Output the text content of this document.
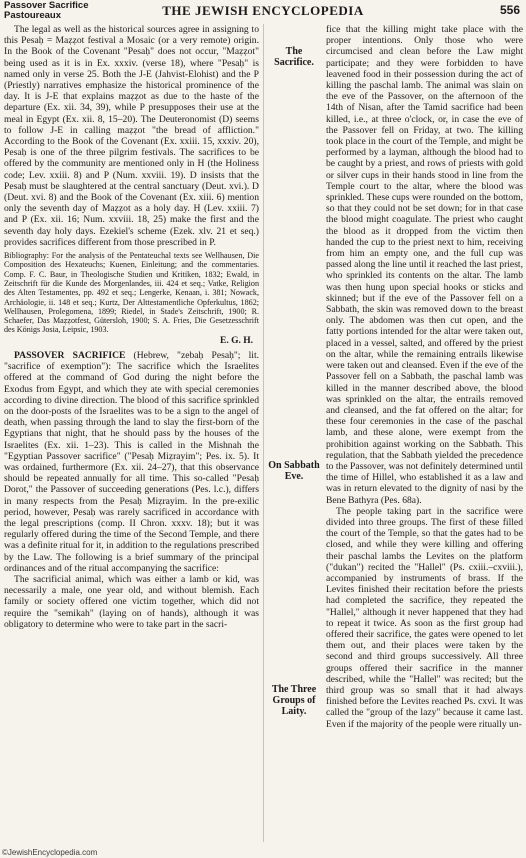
Passover Sacrifice
Pastoureaux	THE JEWISH ENCYCLOPEDIA	556

The legal as well as the historical sources agree in assigning to this Pesaḥ = Maẓẓot festival a Mosaic (or a very remote) origin. In the Book of the Covenant "Pesaḥ" does not occur, "Maẓẓot" being used as it is in Ex. xxxiv. (verse 18), where "Pesaḥ" is named only in verse 25. Both the J-E (Jahvist-Elohist) and the P (Priestly) narratives emphasize the historical prominence of the day. It is J-E that explains maẓẓot as due to the haste of the departure (Ex. xii. 34, 39), while P presupposes their use at the meal in Egypt (Ex. xii. 8, 15–20). The Deuteronomist (D) seems to follow J-E in calling maẓẓot "the bread of affliction." According to the Book of the Covenant (Ex. xxiii. 15, xxxiv. 20), Pesaḥ is one of the three pilgrim festivals. The sacrifices to be offered by the community are mentioned only in H (the Holiness code; Lev. xxiii. 8) and P (Num. xxviii. 19). D insists that the Pesaḥ must be slaughtered at the central sanctuary (Deut. xvi.). D (Deut. xvi. 8) and the Book of the Covenant (Ex. xiii. 6) mention only the seventh day of Maẓẓot as a holy day. H (Lev. xxiii. 7) and P (Ex. xii. 16; Num. xxviii. 18, 25) make the first and the seventh day holy days. Ezekiel's scheme (Ezek. xlv. 21 et seq.) provides sacrifices different from those prescribed in P.

Bibliography: For the analysis of the Pentateuchal texts see Wellhausen, Die Composition des Hexateuchs; Kuenen, Einleitung; and the commentaries. Comp. F. C. Baur, in Theologische Studien und Kritiken, 1832; Ewald, in Zeitschrift für die Kunde des Morgenlandes, iii. 424 et seq.; Vatke, Religion des Alten Testamentes, pp. 492 et seq.; Lengerke, Kenaan, i. 381; Nowack, Archäologie, ii. 148 et seq.; Kurtz, Der Alttestamentliche Opferkultus, 1862; Wellhausen, Prolegomena, 1899; Riedel, in Stade's Zeitschrift, 1900; R. Schaefer, Das Maẓẓotfest, Gütersloh, 1900; S. A. Fries, Die Gesetzesschrift des Königs Josia, Leipsic, 1903.

E. G. H.

PASSOVER SACRIFICE (Hebrew, "zebaḥ Pesaḥ"; lit. "sacrifice of exemption"): The sacrifice which the Israelites offered at the command of God during the night before the Exodus from Egypt, and which they ate with special ceremonies according to divine direction. The blood of this sacrifice sprinkled on the door-posts of the Israelites was to be a sign to the angel of death, when passing through the land to slay the first-born of the Egyptians that night, that he should pass by the houses of the Israelites (Ex. xii. 1–23). This is called in the Mishnah the "Egyptian Passover sacrifice" ("Pesaḥ Miẓrayim"; Pes. ix. 5). It was ordained, furthermore (Ex. xii. 24–27), that this observance should be repeated annually for all time. This so-called "Pesaḥ Dorot," the Passover of succeeding generations (Pes. l.c.), differs in many respects from the Pesaḥ Miẓrayim. In the pre-exilic period, however, Pesaḥ was rarely sacrificed in accordance with the legal prescriptions (comp. II Chron. xxxv. 18); but it was regularly offered during the time of the Second Temple, and there was a definite ritual for it, in addition to the regulations prescribed by the Law. The following is a brief summary of the principal ordinances and of the ritual accompanying the sacrifice:

The sacrificial animal, which was either a lamb or kid, was necessarily a male, one year old, and without blemish. Each family or society offered one victim together, which did not require the "semikah" (laying on of hands), although it was obligatory to determine who were to take part in the sacri-

The Sacrifice.
On Sabbath Eve.
The Three Groups of Laity.

fice that the killing might take place with the proper intentions. Only those who were circumcised and clean before the Law might participate; and they were forbidden to have leavened food in their possession during the act of killing the paschal lamb. The animal was slain on the eve of the Passover, on the afternoon of the 14th of Nisan, after the Tamid sacrifice had been killed, i.e., at three o'clock, or, in case the eve of the Passover fell on Friday, at two. The killing took place in the court of the Temple, and might be performed by a layman, although the blood had to be caught by a priest, and rows of priests with gold or silver cups in their hands stood in line from the Temple court to the altar, where the blood was sprinkled. These cups were rounded on the bottom, so that they could not be set down; for in that case the blood might coagulate. The priest who caught the blood as it dropped from the victim then handed the cup to the priest next to him, receiving from him an empty one, and the full cup was passed along the line until it reached the last priest, who sprinkled its contents on the altar. The lamb was then hung upon special hooks or sticks and skinned; but if the eve of the Passover fell on a Sabbath, the skin was removed down to the breast only. The abdomen was then cut open, and the fatty portions intended for the altar were taken out, placed in a vessel, salted, and offered by the priest on the altar, while the remaining entrails likewise were taken out and cleansed. Even if the eve of the Passover fell on a Sabbath, the paschal lamb was killed in the manner described above, the blood was sprinkled on the altar, the entrails removed and cleansed, and the fat offered on the altar; for these four ceremonies in the case of the paschal lamb, and these alone, were exempt from the prohibition against working on the Sabbath. This regulation, that the Sabbath yielded the precedence to the Passover, was not definitely determined until the time of Hillel, who established it as a law and was in return elevated to the dignity of nasi by the Bene Bathyra (Pes. 68a).

The people taking part in the sacrifice were divided into three groups. The first of these filled the court of the Temple, so that the gates had to be closed, and while they were killing and offering their paschal lambs the Levites on the platform ("dukan") recited the "Hallel" (Ps. cxiii.–cxviii.), accompanied by instruments of brass. If the Levites finished their recitation before the priests had completed the sacrifice, they repeated the "Hallel," although it never happened that they had to repeat it twice. As soon as the first group had offered their sacrifice, the gates were opened to let them out, and their places were taken by the second and third groups successively. All three groups offered their sacrifice in the manner described, while the "Hallel" was recited; but the third group was so small that it had always finished before the Levites reached Ps. cxvi. It was called the "group of the lazy" because it came last. Even if the majority of the people were ritually un-

©JewishEncyclopedia.com
